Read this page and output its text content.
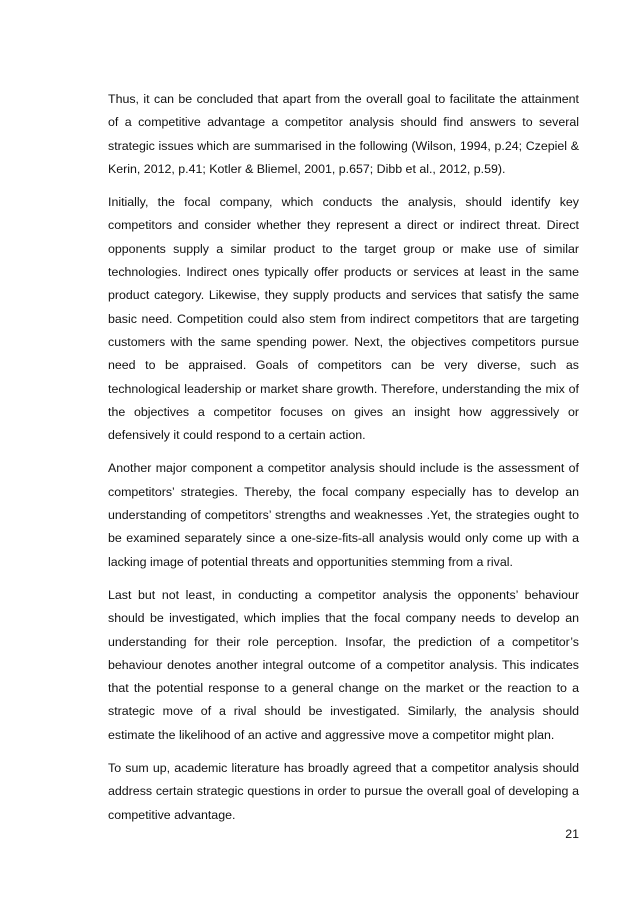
Thus, it can be concluded that apart from the overall goal to facilitate the attainment of a competitive advantage a competitor analysis should find answers to several strategic issues which are summarised in the following (Wilson, 1994, p.24; Czepiel & Kerin, 2012, p.41; Kotler & Bliemel, 2001, p.657; Dibb et al., 2012, p.59).

Initially, the focal company, which conducts the analysis, should identify key competitors and consider whether they represent a direct or indirect threat. Direct opponents supply a similar product to the target group or make use of similar technologies. Indirect ones typically offer products or services at least in the same product category. Likewise, they supply products and services that satisfy the same basic need. Competition could also stem from indirect competitors that are targeting customers with the same spending power. Next, the objectives competitors pursue need to be appraised. Goals of competitors can be very diverse, such as technological leadership or market share growth. Therefore, understanding the mix of the objectives a competitor focuses on gives an insight how aggressively or defensively it could respond to a certain action.

Another major component a competitor analysis should include is the assessment of competitors’ strategies. Thereby, the focal company especially has to develop an understanding of competitors’ strengths and weaknesses .Yet, the strategies ought to be examined separately since a one-size-fits-all analysis would only come up with a lacking image of potential threats and opportunities stemming from a rival.

Last but not least, in conducting a competitor analysis the opponents’ behaviour should be investigated, which implies that the focal company needs to develop an understanding for their role perception. Insofar, the prediction of a competitor’s behaviour denotes another integral outcome of a competitor analysis. This indicates that the potential response to a general change on the market or the reaction to a strategic move of a rival should be investigated. Similarly, the analysis should estimate the likelihood of an active and aggressive move a competitor might plan.

To sum up, academic literature has broadly agreed that a competitor analysis should address certain strategic questions in order to pursue the overall goal of developing a competitive advantage.

21
